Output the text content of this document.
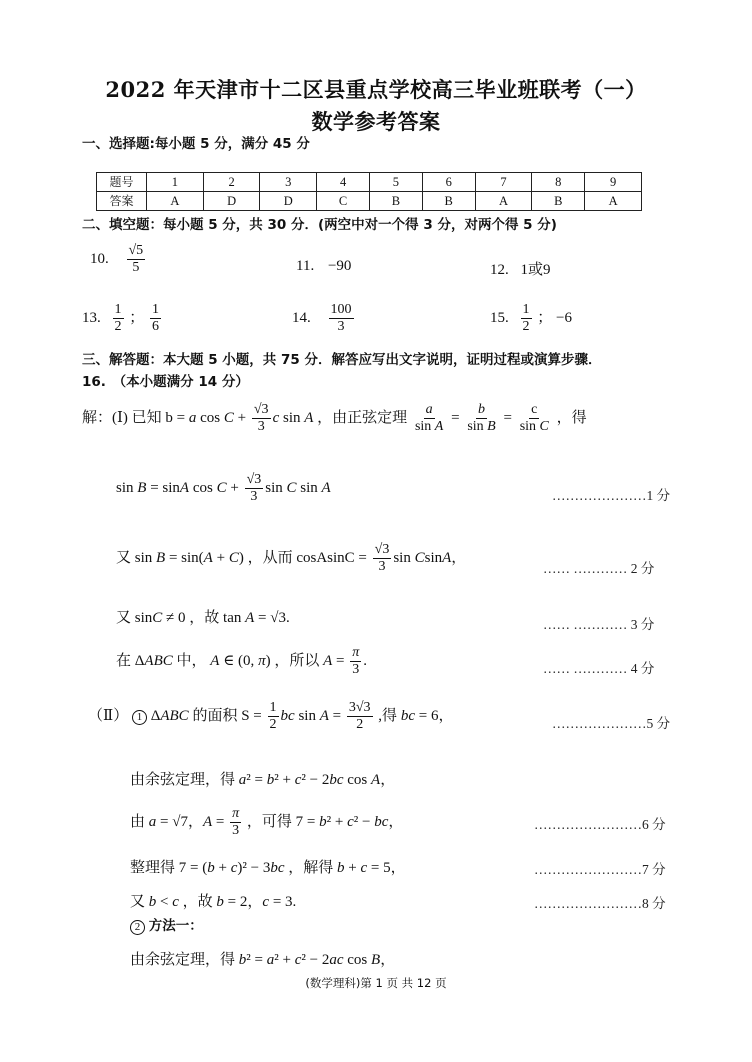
2022 年天津市十二区县重点学校高三毕业班联考（一）
数学参考答案
一、选择题:每小题 5 分，满分 45 分
题号	1	2	3	4	5	6	7	8	9
答案	A	D	D	C	B	B	A	B	A
二、填空题：每小题 5 分，共 30 分．(两空中对一个得 3 分，对两个得 5 分)
10. $\frac{√5}{5}$	11. −90	12. 1或9
13. $\frac{1}{2}$ ； $\frac{1}{6}$	14. $\frac{100}{3}$	15. $\frac{1}{2}$ ； −6
三、解答题：本大题 5 小题，共 75 分．解答应写出文字说明，证明过程或演算步骤．
16.　（本小题满分 14 分）
解：(Ⅰ) 已知 b = a $\cos C + \frac{√3}{3}$ c sin A ，由正弦定理 $\frac{a}{\text{sin A}} = \frac{b}{\text{sin B}} = \frac{c}{\text{sin C}}$ ，得
sin B = sinA $\cos C + \frac{√3}{3}$ sin C sin A	…………………1 分
又 sin B = sin(A + C) ，从而 cosAsinC = $\frac{√3}{3}$ sin CsinA，
…… ………… 2 分
又 sinC ≠ 0 ，故 tan A = √3.	…… ………… 3 分
在 ΔABC 中， A ∈ (0, π) ，所以 $A = \frac{\pi}{3}$ .	…… ………… 4 分
（Ⅱ） 1 ΔABC 的面积 $S = \frac{1}{2}$ bc $\sin A = \frac{3√3}{2}$ ,得 bc = 6，	…………………5 分
由余弦定理，得 a² = b² + c² − 2bc cos A，
由 a = √7，$A = \frac{\pi}{3}$ ，可得 7 = b² + c² − bc，	……………………6 分
整理得 7 = (b + c)² − 3bc ，解得 b + c = 5，	……………………7 分
又 b < c ，故 b = 2，c = 3.	……………………8 分
2 方法一：
由余弦定理，得 b² = a² + c² − 2ac cos B，
(数学理科)第 1 页 共 12 页
